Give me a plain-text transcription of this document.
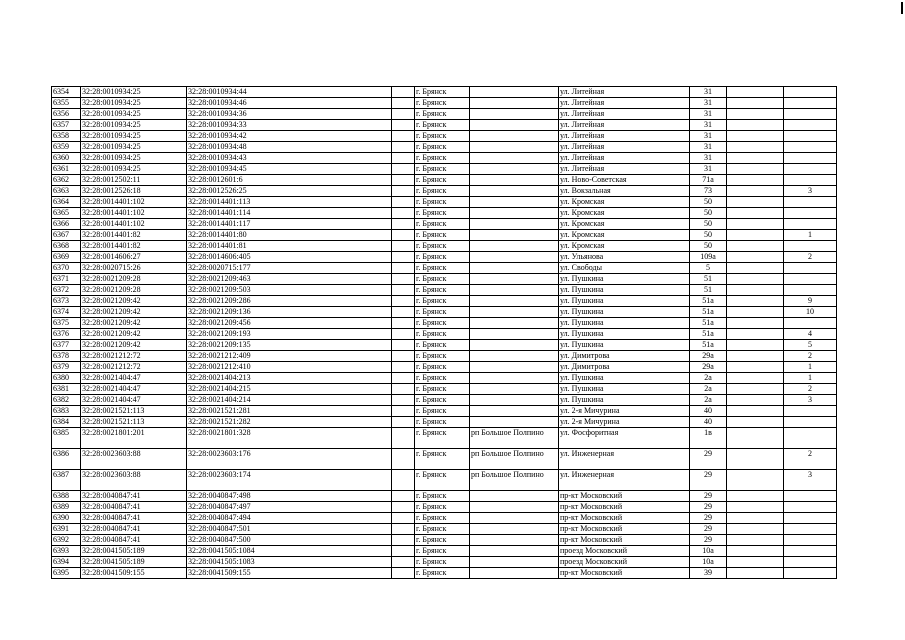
6354	32:28:0010934:25	32:28:0010934:44		г. Брянск		ул. Литейная	31		
6355	32:28:0010934:25	32:28:0010934:46		г. Брянск		ул. Литейная	31		
6356	32:28:0010934:25	32:28:0010934:36		г. Брянск		ул. Литейная	31		
6357	32:28:0010934:25	32:28:0010934:33		г. Брянск		ул. Литейная	31		
6358	32:28:0010934:25	32:28:0010934:42		г. Брянск		ул. Литейная	31		
6359	32:28:0010934:25	32:28:0010934:48		г. Брянск		ул. Литейная	31		
6360	32:28:0010934:25	32:28:0010934:43		г. Брянск		ул. Литейная	31		
6361	32:28:0010934:25	32:28:0010934:45		г. Брянск		ул. Литейная	31		
6362	32:28:0012502:11	32:28:0012601:6		г. Брянск		ул. Ново-Советская	71а		
6363	32:28:0012526:18	32:28:0012526:25		г. Брянск		ул. Вокзальная	73		3
6364	32:28:0014401:102	32:28:0014401:113		г. Брянск		ул. Кромская	50		
6365	32:28:0014401:102	32:28:0014401:114		г. Брянск		ул. Кромская	50		
6366	32:28:0014401:102	32:28:0014401:117		г. Брянск		ул. Кромская	50		
6367	32:28:0014401:82	32:28:0014401:80		г. Брянск		ул. Кромская	50		1
6368	32:28:0014401:82	32:28:0014401:81		г. Брянск		ул. Кромская	50		
6369	32:28:0014606:27	32:28:0014606:405		г. Брянск		ул. Ульянова	109а		2
6370	32:28:0020715:26	32:28:0020715:177		г. Брянск		ул. Свободы	5		
6371	32:28:0021209:28	32:28:0021209:463		г. Брянск		ул. Пушкина	51		
6372	32:28:0021209:28	32:28:0021209:503		г. Брянск		ул. Пушкина	51		
6373	32:28:0021209:42	32:28:0021209:286		г. Брянск		ул. Пушкина	51а		9
6374	32:28:0021209:42	32:28:0021209:136		г. Брянск		ул. Пушкина	51а		10
6375	32:28:0021209:42	32:28:0021209:456		г. Брянск		ул. Пушкина	51а		
6376	32:28:0021209:42	32:28:0021209:193		г. Брянск		ул. Пушкина	51а		4
6377	32:28:0021209:42	32:28:0021209:135		г. Брянск		ул. Пушкина	51а		5
6378	32:28:0021212:72	32:28:0021212:409		г. Брянск		ул. Димитрова	29а		2
6379	32:28:0021212:72	32:28:0021212:410		г. Брянск		ул. Димитрова	29а		1
6380	32:28:0021404:47	32:28:0021404:213		г. Брянск		ул. Пушкина	2а		1
6381	32:28:0021404:47	32:28:0021404:215		г. Брянск		ул. Пушкина	2а		2
6382	32:28:0021404:47	32:28:0021404:214		г. Брянск		ул. Пушкина	2а		3
6383	32:28:0021521:113	32:28:0021521:281		г. Брянск		ул. 2-я Мичурина	40		
6384	32:28:0021521:113	32:28:0021521:282		г. Брянск		ул. 2-я Мичурина	40		
6385	32:28:0021801:201	32:28:0021801:328		г. Брянск	рп Большое Полпино	ул. Фосфоритная	1в		
6386	32:28:0023603:88	32:28:0023603:176		г. Брянск	рп Большое Полпино	ул. Инженерная	29		2
6387	32:28:0023603:88	32:28:0023603:174		г. Брянск	рп Большое Полпино	ул. Инженерная	29		3
6388	32:28:0040847:41	32:28:0040847:498		г. Брянск		пр-кт Московский	29		
6389	32:28:0040847:41	32:28:0040847:497		г. Брянск		пр-кт Московский	29		
6390	32:28:0040847:41	32:28:0040847:494		г. Брянск		пр-кт Московский	29		
6391	32:28:0040847:41	32:28:0040847:501		г. Брянск		пр-кт Московский	29		
6392	32:28:0040847:41	32:28:0040847:500		г. Брянск		пр-кт Московский	29		
6393	32:28:0041505:189	32:28:0041505:1084		г. Брянск		проезд Московский	10а		
6394	32:28:0041505:189	32:28:0041505:1083		г. Брянск		проезд Московский	10а		
6395	32:28:0041509:155	32:28:0041509:155		г. Брянск		пр-кт Московский	39		
